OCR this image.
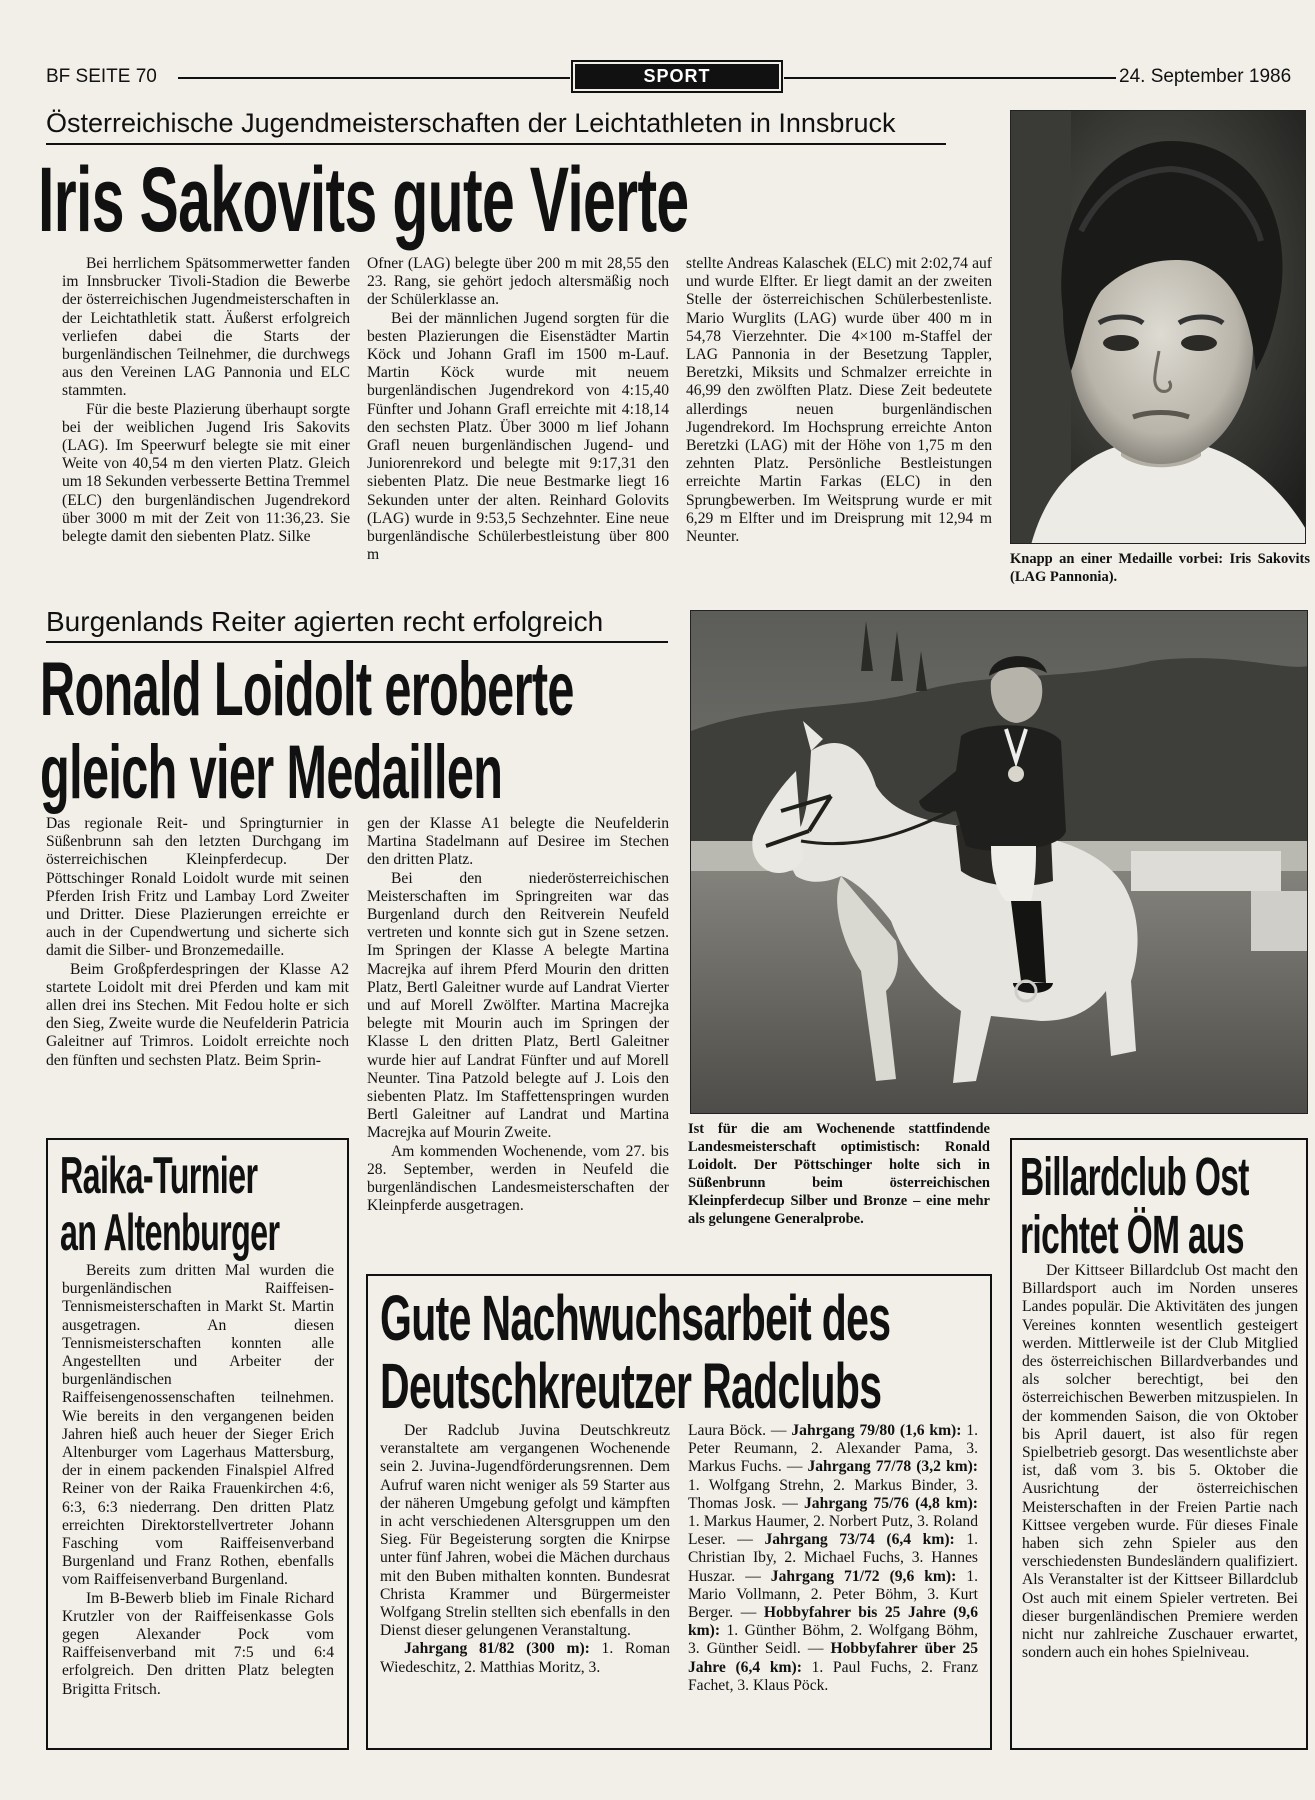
BF SEITE 70	SPORT	24. September 1986
Österreichische Jugendmeisterschaften der Leichtathleten in Innsbruck
Iris Sakovits gute Vierte

Bei herrlichem Spätsommerwetter fanden im Innsbrucker Tivoli-Stadion die Bewerbe der österreichischen Jugendmeisterschaften in der Leichtathletik statt. Äußerst erfolgreich verliefen dabei die Starts der burgenländischen Teilnehmer, die durchwegs aus den Vereinen LAG Pannonia und ELC stammten.

Für die beste Plazierung überhaupt sorgte bei der weiblichen Jugend Iris Sakovits (LAG). Im Speerwurf belegte sie mit einer Weite von 40,54 m den vierten Platz. Gleich um 18 Sekunden verbesserte Bettina Tremmel (ELC) den burgenländischen Jugendrekord über 3000 m mit der Zeit von 11:36,23. Sie belegte damit den siebenten Platz. Silke

Ofner (LAG) belegte über 200 m mit 28,55 den 23. Rang, sie gehört jedoch altersmäßig noch der Schülerklasse an.

Bei der männlichen Jugend sorgten für die besten Plazierungen die Eisenstädter Martin Köck und Johann Grafl im 1500 m-Lauf. Martin Köck wurde mit neuem burgenländischen Jugendrekord von 4:15,40 Fünfter und Johann Grafl erreichte mit 4:18,14 den sechsten Platz. Über 3000 m lief Johann Grafl neuen burgenländischen Jugend- und Juniorenrekord und belegte mit 9:17,31 den siebenten Platz. Die neue Bestmarke liegt 16 Sekunden unter der alten. Reinhard Golovits (LAG) wurde in 9:53,5 Sechzehnter. Eine neue burgenländische Schülerbestleistung über 800 m

stellte Andreas Kalaschek (ELC) mit 2:02,74 auf und wurde Elfter. Er liegt damit an der zweiten Stelle der österreichischen Schülerbestenliste. Mario Wurglits (LAG) wurde über 400 m in 54,78 Vierzehnter. Die 4×100 m-Staffel der LAG Pannonia in der Besetzung Tappler, Beretzki, Miksits und Schmalzer erreichte in 46,99 den zwölften Platz. Diese Zeit bedeutete allerdings neuen burgenländischen Jugendrekord. Im Hochsprung erreichte Anton Beretzki (LAG) mit der Höhe von 1,75 m den zehnten Platz. Persönliche Bestleistungen erreichte Martin Farkas (ELC) in den Sprungbewerben. Im Weitsprung wurde er mit 6,29 m Elfter und im Dreisprung mit 12,94 m Neunter.

Knapp an einer Medaille vorbei: Iris Sakovits (LAG Pannonia).
Burgenlands Reiter agierten recht erfolgreich
Ronald Loidolt eroberte
gleich vier Medaillen

Das regionale Reit- und Springturnier in Süßenbrunn sah den letzten Durchgang im österreichischen Kleinpferdecup. Der Pöttschinger Ronald Loidolt wurde mit seinen Pferden Irish Fritz und Lambay Lord Zweiter und Dritter. Diese Plazierungen erreichte er auch in der Cupendwertung und sicherte sich damit die Silber- und Bronzemedaille.

Beim Großpferdespringen der Klasse A2 startete Loidolt mit drei Pferden und kam mit allen drei ins Stechen. Mit Fedou holte er sich den Sieg, Zweite wurde die Neufelderin Patricia Galeitner auf Trimros. Loidolt erreichte noch den fünften und sechsten Platz. Beim Sprin-

gen der Klasse A1 belegte die Neufelderin Martina Stadelmann auf Desiree im Stechen den dritten Platz.

Bei den niederösterreichischen Meisterschaften im Springreiten war das Burgenland durch den Reitverein Neufeld vertreten und konnte sich gut in Szene setzen. Im Springen der Klasse A belegte Martina Macrejka auf ihrem Pferd Mourin den dritten Platz, Bertl Galeitner wurde auf Landrat Vierter und auf Morell Zwölfter. Martina Macrejka belegte mit Mourin auch im Springen der Klasse L den dritten Platz, Bertl Galeitner wurde hier auf Landrat Fünfter und auf Morell Neunter. Tina Patzold belegte auf J. Lois den siebenten Platz. Im Staffettenspringen wurden Bertl Galeitner auf Landrat und Martina Macrejka auf Mourin Zweite.

Am kommenden Wochenende, vom 27. bis 28. September, werden in Neufeld die burgenländischen Landesmeisterschaften der Kleinpferde ausgetragen.

Ist für die am Wochenende stattfindende Landesmeisterschaft optimistisch: Ronald Loidolt. Der Pöttschinger holte sich in Süßenbrunn beim österreichischen Kleinpferdecup Silber und Bronze – eine mehr als gelungene Generalprobe.
Raika-Turnier
an Altenburger

Bereits zum dritten Mal wurden die burgenländischen Raiffeisen-Tennismeisterschaften in Markt St. Martin ausgetragen. An diesen Tennismeisterschaften konnten alle Angestellten und Arbeiter der burgenländischen Raiffeisengenossenschaften teilnehmen. Wie bereits in den vergangenen beiden Jahren hieß auch heuer der Sieger Erich Altenburger vom Lagerhaus Mattersburg, der in einem packenden Finalspiel Alfred Reiner von der Raika Frauenkirchen 4:6, 6:3, 6:3 niederrang. Den dritten Platz erreichten Direktorstellvertreter Johann Fasching vom Raiffeisenverband Burgenland und Franz Rothen, ebenfalls vom Raiffeisenverband Burgenland.

Im B-Bewerb blieb im Finale Richard Krutzler von der Raiffeisenkasse Gols gegen Alexander Pock vom Raiffeisenverband mit 7:5 und 6:4 erfolgreich. Den dritten Platz belegten Brigitta Fritsch.

Gute Nachwuchsarbeit des
Deutschkreutzer Radclubs

Der Radclub Juvina Deutschkreutz veranstaltete am vergangenen Wochenende sein 2. Juvina-Jugendförderungsrennen. Dem Aufruf waren nicht weniger als 59 Starter aus der näheren Umgebung gefolgt und kämpften in acht verschiedenen Altersgruppen um den Sieg. Für Begeisterung sorgten die Knirpse unter fünf Jahren, wobei die Mächen durchaus mit den Buben mithalten konnten. Bundesrat Christa Krammer und Bürgermeister Wolfgang Strelin stellten sich ebenfalls in den Dienst dieser gelungenen Veranstaltung.

Jahrgang 81/82 (300 m): 1. Roman Wiedeschitz, 2. Matthias Moritz, 3.

Laura Böck. — Jahrgang 79/80 (1,6 km): 1. Peter Reumann, 2. Alexander Pama, 3. Markus Fuchs. — Jahrgang 77/78 (3,2 km): 1. Wolfgang Strehn, 2. Markus Binder, 3. Thomas Josk. — Jahrgang 75/76 (4,8 km): 1. Markus Haumer, 2. Norbert Putz, 3. Roland Leser. — Jahrgang 73/74 (6,4 km): 1. Christian Iby, 2. Michael Fuchs, 3. Hannes Huszar. — Jahrgang 71/72 (9,6 km): 1. Mario Vollmann, 2. Peter Böhm, 3. Kurt Berger. — Hobbyfahrer bis 25 Jahre (9,6 km): 1. Günther Böhm, 2. Wolfgang Böhm, 3. Günther Seidl. — Hobbyfahrer über 25 Jahre (6,4 km): 1. Paul Fuchs, 2. Franz Fachet, 3. Klaus Pöck.

Billardclub Ost
richtet ÖM aus

Der Kittseer Billardclub Ost macht den Billardsport auch im Norden unseres Landes populär. Die Aktivitäten des jungen Vereines konnten wesentlich gesteigert werden. Mittlerweile ist der Club Mitglied des österreichischen Billardverbandes und als solcher berechtigt, bei den österreichischen Bewerben mitzuspielen. In der kommenden Saison, die von Oktober bis April dauert, ist also für regen Spielbetrieb gesorgt. Das wesentlichste aber ist, daß vom 3. bis 5. Oktober die Ausrichtung der österreichischen Meisterschaften in der Freien Partie nach Kittsee vergeben wurde. Für dieses Finale haben sich zehn Spieler aus den verschiedensten Bundesländern qualifiziert. Als Veranstalter ist der Kittseer Billardclub Ost auch mit einem Spieler vertreten. Bei dieser burgenländischen Premiere werden nicht nur zahlreiche Zuschauer erwartet, sondern auch ein hohes Spielniveau.
